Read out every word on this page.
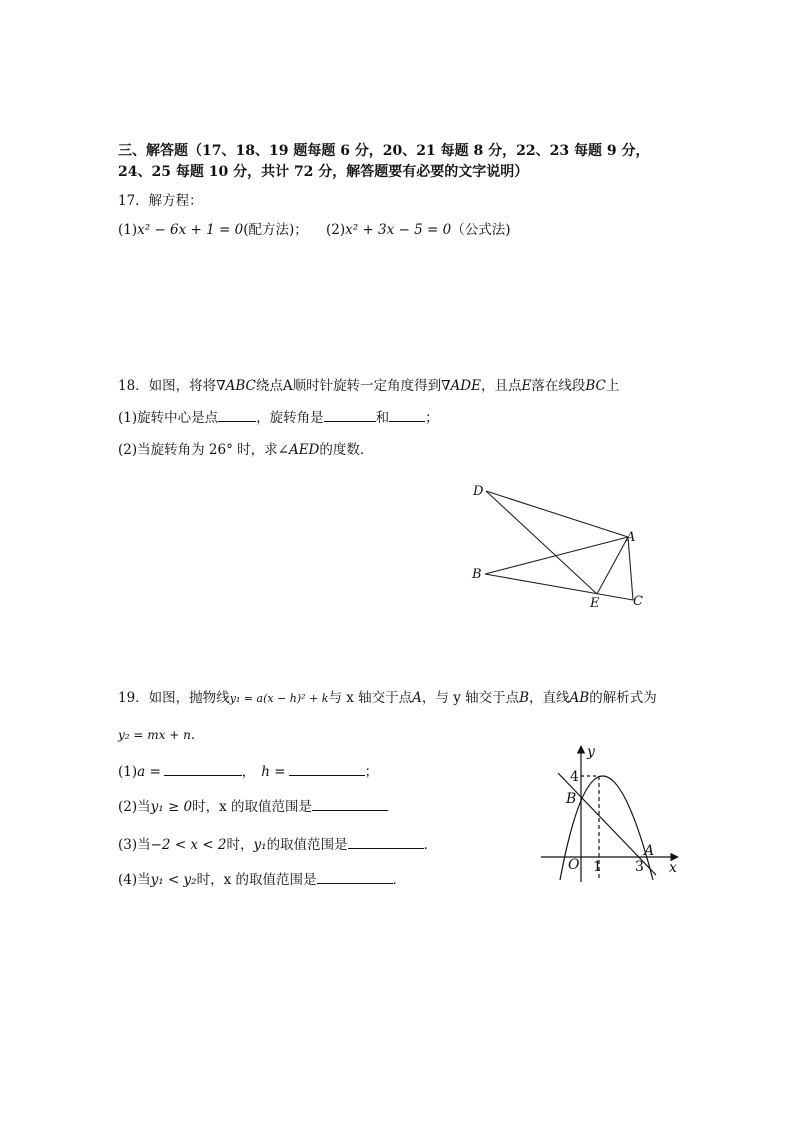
三、解答题（17、18、19 题每题 6 分，20、21 每题 8 分，22、23 每题 9 分，
24、25 每题 10 分，共计 72 分，解答题要有必要的文字说明）
17．解方程：
(1)x² − 6x + 1 = 0(配方法)； (2)x² + 3x − 5 = 0（公式法)
18．如图，将将∇ABC绕点A顺时针旋转一定角度得到∇ADE，且点E落在线段BC上
(1)旋转中心是点	，旋转角是	和	；
(2)当旋转角为 26° 时，求∠AED的度数．
D
A
B
E	C
19．如图，抛物线y₁ = a(x − h)² + k与 x 轴交于点A，与 y 轴交于点B，直线AB的解析式为
y₂ = mx + n．
(1)a =	， h =	；
(2)当y₁ ≥ 0时，x 的取值范围是
(3)当−2 < x < 2时，y₁的取值范围是	．
(4)当y₁ < y₂时，x 的取值范围是	．
y
x
4
B
O 1 3
A
